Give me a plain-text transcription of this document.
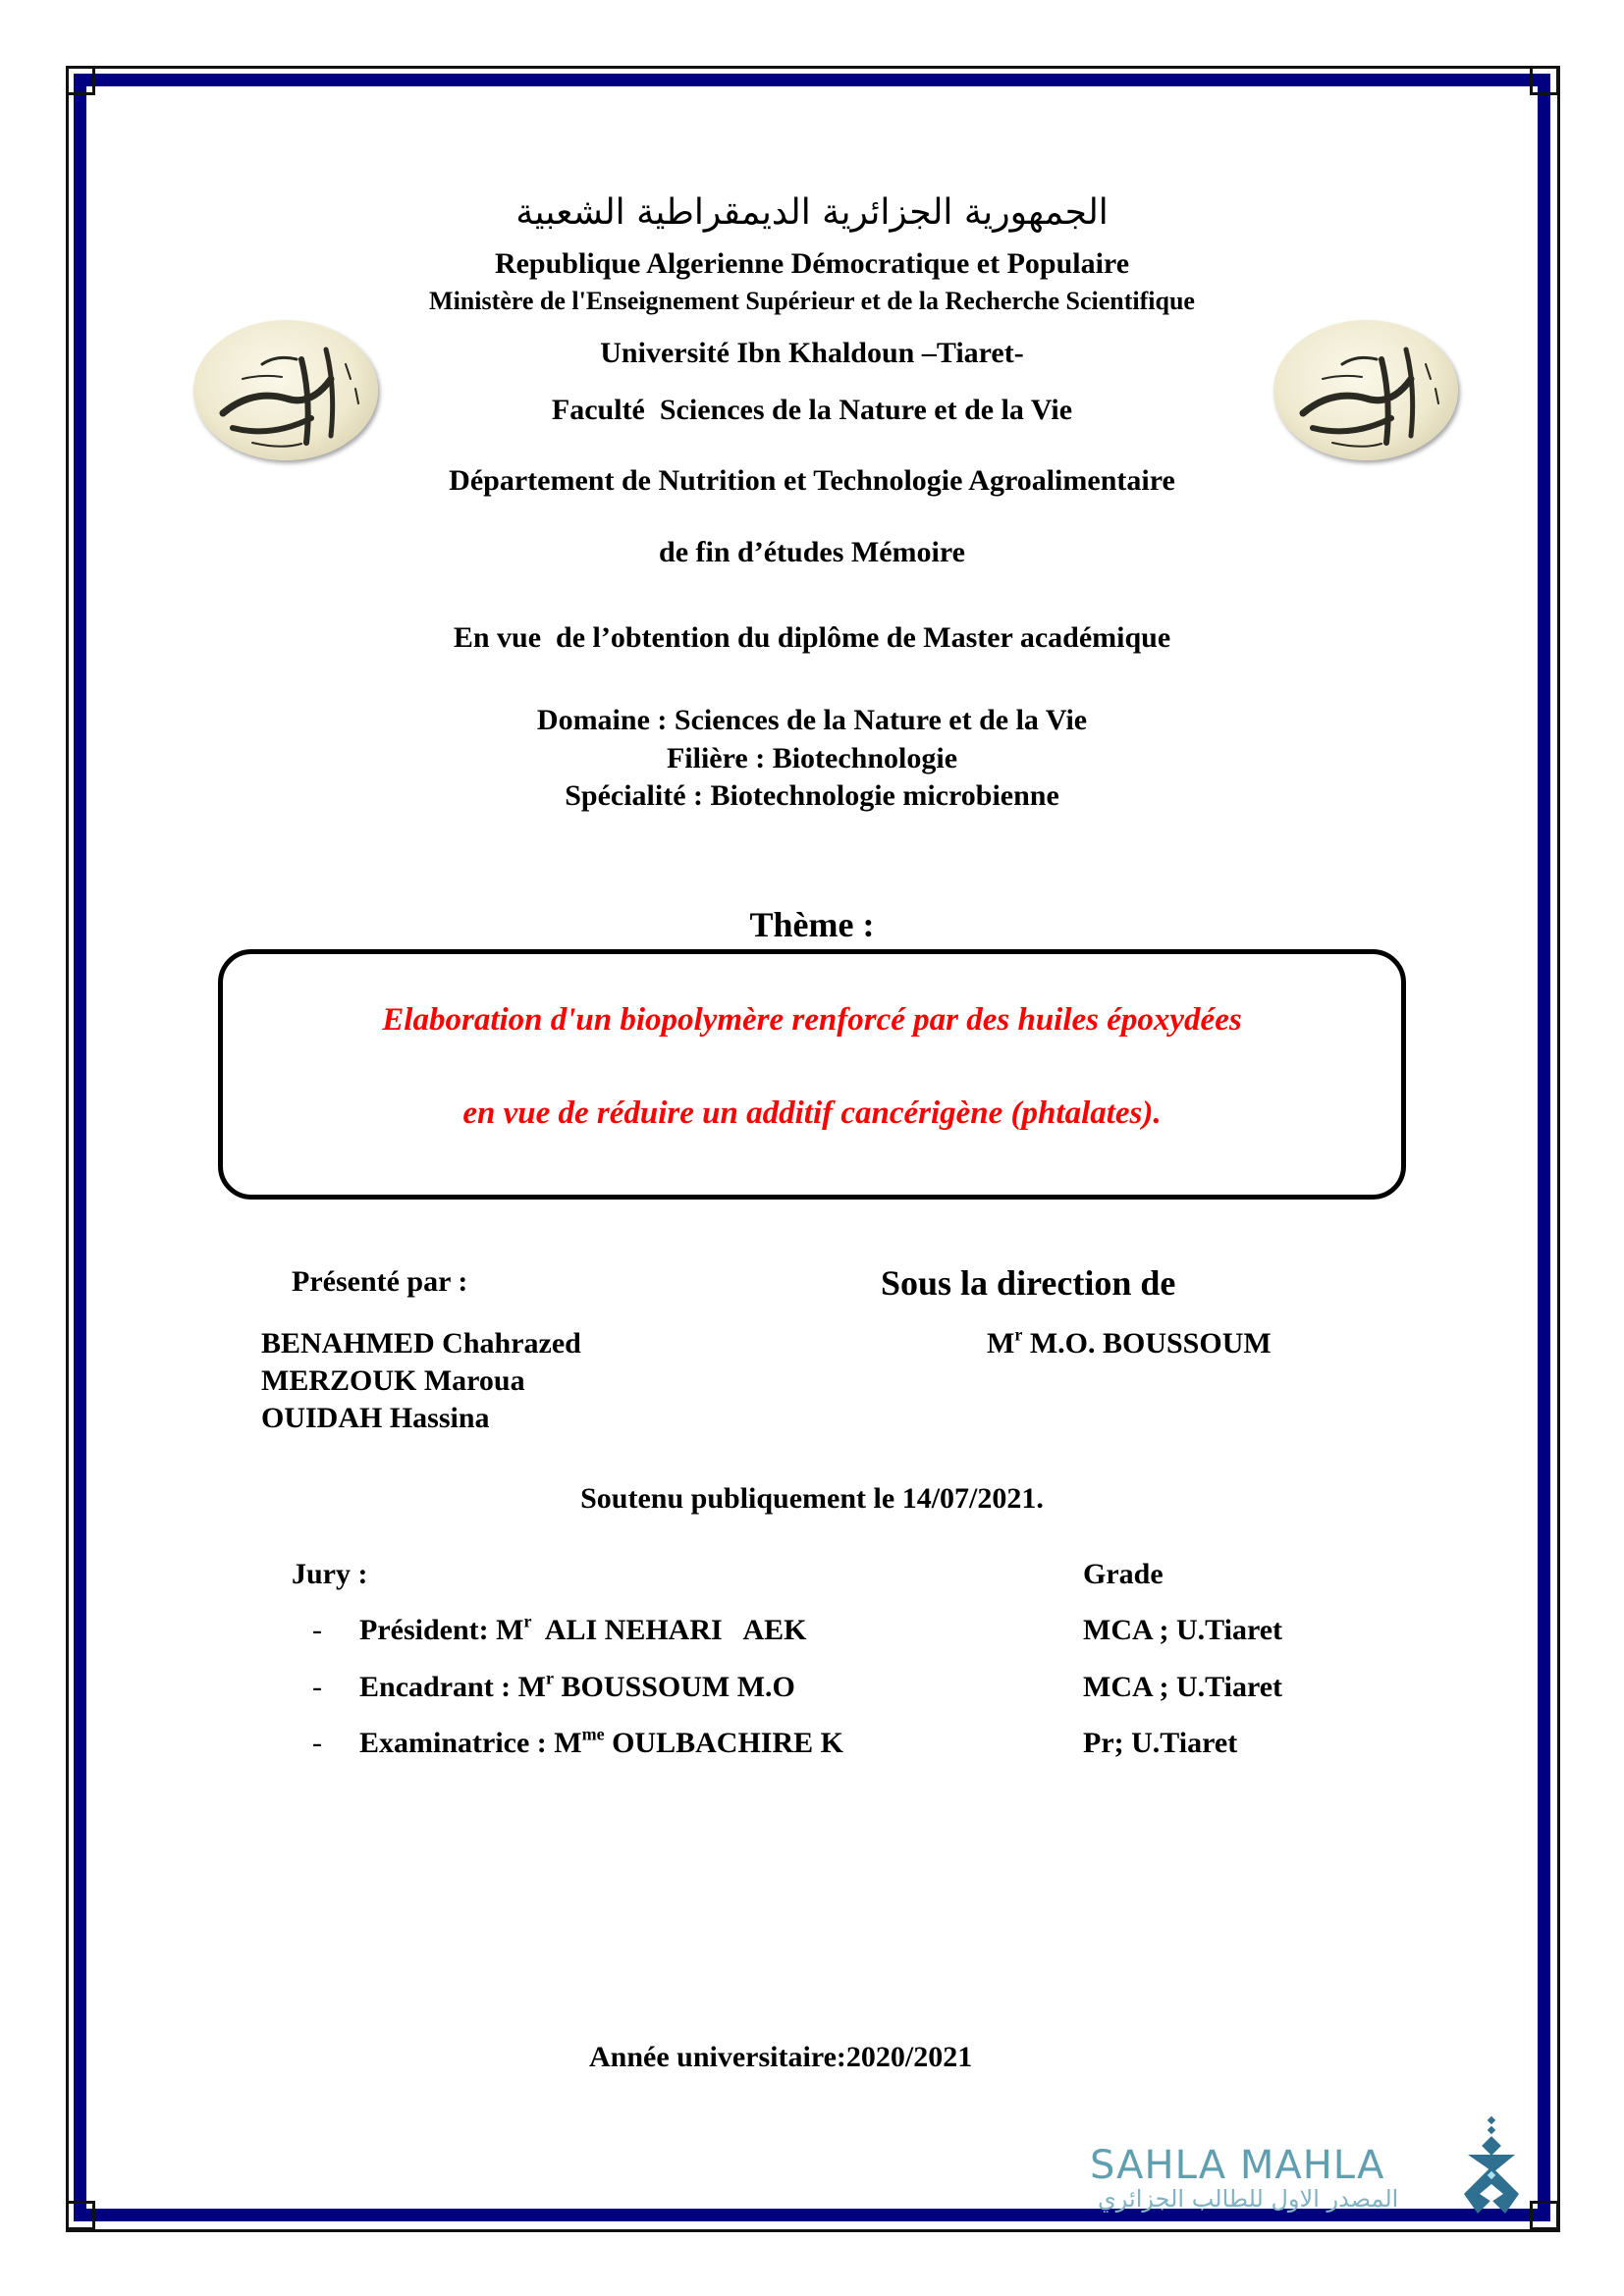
الجمهورية الجزائرية الديمقراطية الشعبية
Republique Algerienne Démocratique et Populaire
Ministère de l'Enseignement Supérieur et de la Recherche Scientifique
Université Ibn Khaldoun –Tiaret-
Faculté  Sciences de la Nature et de la Vie
Département de Nutrition et Technologie Agroalimentaire
de fin d’études Mémoire
En vue  de l’obtention du diplôme de Master académique
Domaine : Sciences de la Nature et de la Vie
Filière : Biotechnologie
Spécialité : Biotechnologie microbienne
Thème :
Elaboration d'un biopolymère renforcé par des huiles époxydées
en vue de réduire un additif cancérigène (phtalates).
Présenté par :
BENAHMED Chahrazed
MERZOUK Maroua
OUIDAH Hassina
Sous la direction de
$M^r$ M.O. BOUSSOUM
Soutenu publiquement le 14/07/2021.
Jury :	Grade
- Président: $M^r$  ALI NEHARI   AEK	MCA ; U.Tiaret
- Encadrant : $M^r$ BOUSSOUM M.O	MCA ; U.Tiaret
- Examinatrice : $M^{me}$ OULBACHIRE K	Pr; U.Tiaret
Année universitaire:2020/2021
SAHLA MAHLA
المصدر الاول للطالب الجزائري
